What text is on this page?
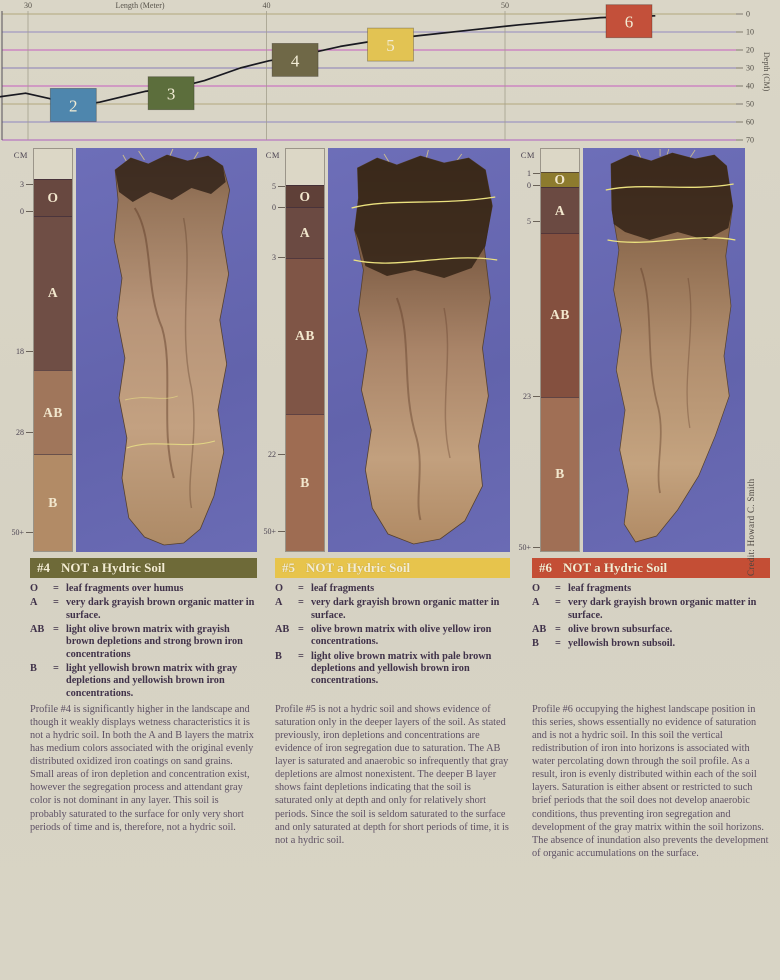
0
10
20
30
40
50
60
70
30	40	50
Length (Meter)
Depth (CM)
2
3
4
5
6
CM
3
0
18
28
50+
O
A
AB
B
#4 NOT a Hydric Soil
O	= leaf fragments over humus
A	= very dark grayish brown organic matter in surface.
AB = light olive brown matrix with grayish brown depletions and strong brown iron concentrations
B	= light yellowish brown matrix with gray depletions and yellowish brown iron concentrations.
Profile #4 is significantly higher in the landscape and though it weakly displays wetness characteristics it is not a hydric soil. In both the A and B layers the matrix has medium colors associated with the original evenly distributed oxidized iron coatings on sand grains. Small areas of iron depletion and concentration exist, however the segregation process and attendant gray color is not dominant in any layer. This soil is probably saturated to the surface for only very short periods of time and is, therefore, not a hydric soil.
CM
5
0
3
22
50+
O
A
AB
B
#5 NOT a Hydric Soil
O	= leaf fragments
A	= very dark grayish brown organic matter in surface.
AB = olive brown matrix with olive yellow iron concentrations.
B	= light olive brown matrix with pale brown depletions and yellowish brown iron concentrations.
Profile #5 is not a hydric soil and shows evidence of saturation only in the deeper layers of the soil. As stated previously, iron depletions and concentrations are evidence of iron segregation due to saturation. The AB layer is saturated and anaerobic so infrequently that gray depletions are almost nonexistent. The deeper B layer shows faint depletions indicating that the soil is saturated only at depth and only for relatively short periods. Since the soil is seldom saturated to the surface and only saturated at depth for short periods of time, it is not a hydric soil.
CM
1
0
5
23
50+
O
A
AB
B
#6 NOT a Hydric Soil
O	= leaf fragments
A	= very dark grayish brown organic matter in surface.
AB = olive brown subsurface.
B	= yellowish brown subsoil.
Profile #6 occupying the highest landscape position in this series, shows essentially no evidence of saturation and is not a hydric soil. In this soil the vertical redistribution of iron into horizons is associated with water percolating down through the soil profile. As a result, iron is evenly distributed within each of the soil layers. Saturation is either absent or restricted to such brief periods that the soil does not develop anaerobic conditions, thus preventing iron segregation and development of the gray matrix within the soil horizons. The absence of inundation also prevents the development of organic accumulations on the surface.
Credit: Howard C. Smith
